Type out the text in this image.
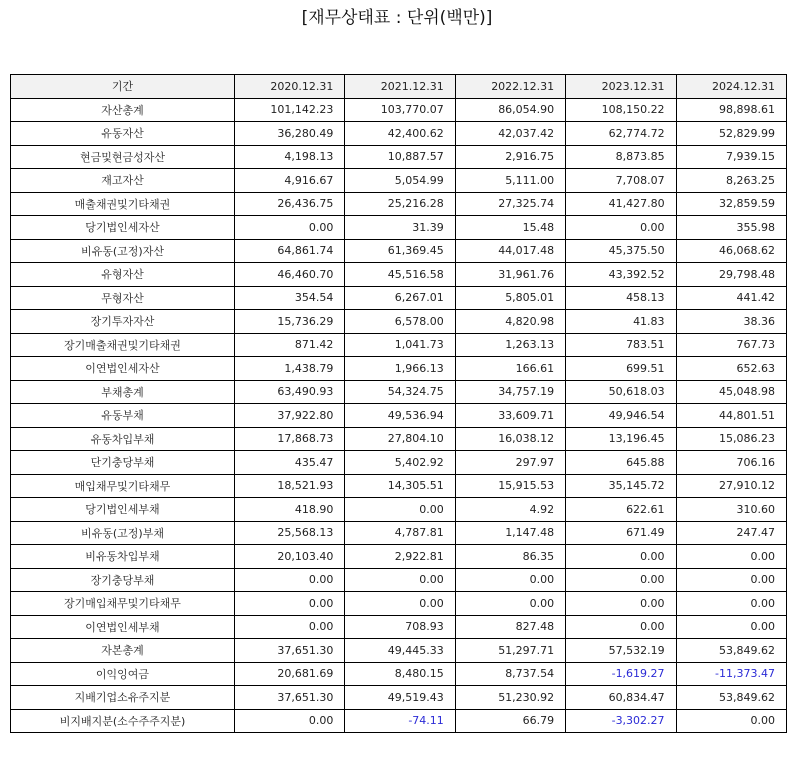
[재무상태표 : 단위(백만)]
기간	2020.12.31	2021.12.31	2022.12.31	2023.12.31	2024.12.31
자산총계	101,142.23	103,770.07	86,054.90	108,150.22	98,898.61
유동자산	36,280.49	42,400.62	42,037.42	62,774.72	52,829.99
현금및현금성자산	4,198.13	10,887.57	2,916.75	8,873.85	7,939.15
재고자산	4,916.67	5,054.99	5,111.00	7,708.07	8,263.25
매출채권및기타채권	26,436.75	25,216.28	27,325.74	41,427.80	32,859.59
당기법인세자산	0.00	31.39	15.48	0.00	355.98
비유동(고정)자산	64,861.74	61,369.45	44,017.48	45,375.50	46,068.62
유형자산	46,460.70	45,516.58	31,961.76	43,392.52	29,798.48
무형자산	354.54	6,267.01	5,805.01	458.13	441.42
장기투자자산	15,736.29	6,578.00	4,820.98	41.83	38.36
장기매출채권및기타채권	871.42	1,041.73	1,263.13	783.51	767.73
이연법인세자산	1,438.79	1,966.13	166.61	699.51	652.63
부채총계	63,490.93	54,324.75	34,757.19	50,618.03	45,048.98
유동부채	37,922.80	49,536.94	33,609.71	49,946.54	44,801.51
유동차입부채	17,868.73	27,804.10	16,038.12	13,196.45	15,086.23
단기충당부채	435.47	5,402.92	297.97	645.88	706.16
매입채무및기타채무	18,521.93	14,305.51	15,915.53	35,145.72	27,910.12
당기법인세부채	418.90	0.00	4.92	622.61	310.60
비유동(고정)부채	25,568.13	4,787.81	1,147.48	671.49	247.47
비유동차입부채	20,103.40	2,922.81	86.35	0.00	0.00
장기충당부채	0.00	0.00	0.00	0.00	0.00
장기매입채무및기타채무	0.00	0.00	0.00	0.00	0.00
이연법인세부채	0.00	708.93	827.48	0.00	0.00
자본총계	37,651.30	49,445.33	51,297.71	57,532.19	53,849.62
이익잉여금	20,681.69	8,480.15	8,737.54	-1,619.27	-11,373.47
지배기업소유주지분	37,651.30	49,519.43	51,230.92	60,834.47	53,849.62
비지배지분(소수주주지분)	0.00	-74.11	66.79	-3,302.27	0.00
